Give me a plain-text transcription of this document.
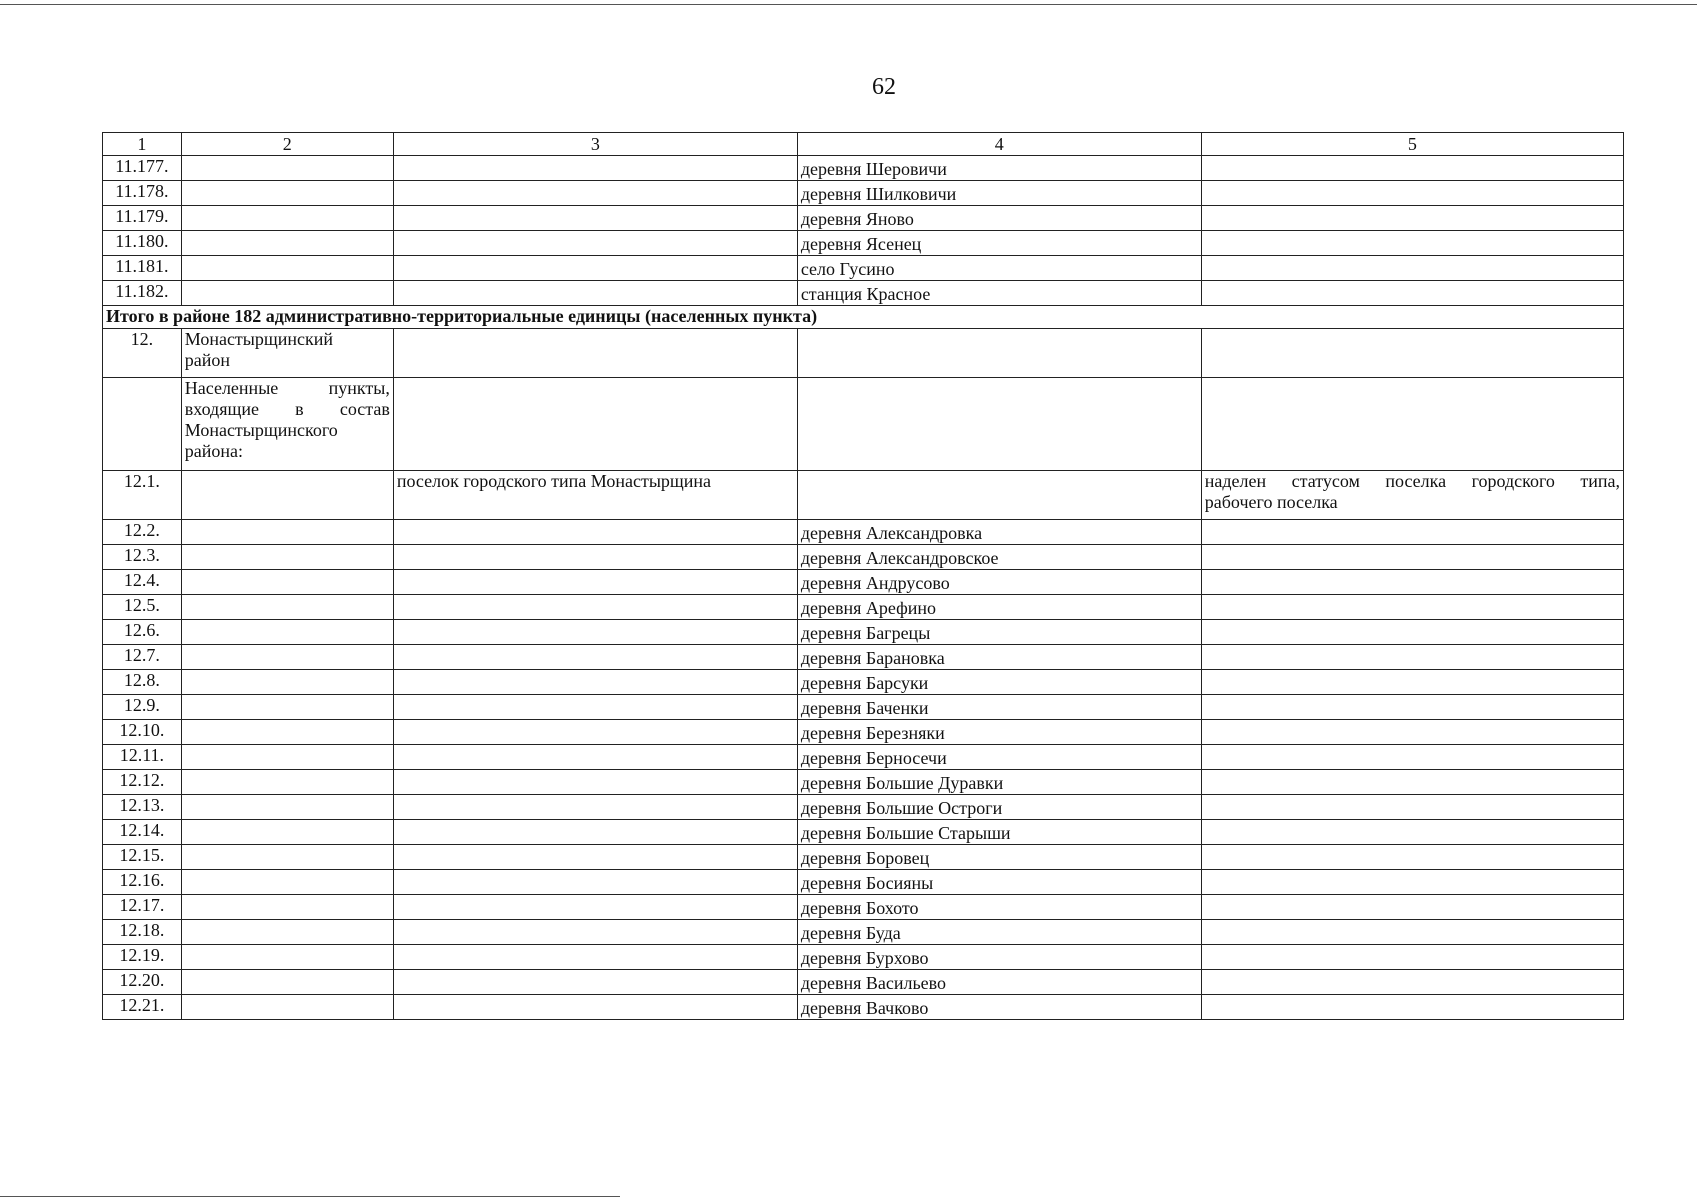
62
1	2	3	4	5
11.177.			деревня Шеровичи	
11.178.			деревня Шилковичи	
11.179.			деревня Яново	
11.180.			деревня Ясенец	
11.181.			село Гусино	
11.182.			станция Красное	
Итого в районе 182 административно-территориальные единицы (населенных пункта)				
12.	Монастырщинский
район			

	Населенные пункты,
входящие в состав
Монастырщинского
района:			

12.1.		поселок городского типа Монастырщина		наделен статусом поселка городского типа,
рабочего поселка

12.2.			деревня Александровка	
12.3.			деревня Александровское	
12.4.			деревня Андрусово	
12.5.			деревня Арефино	
12.6.			деревня Багрецы	
12.7.			деревня Барановка	
12.8.			деревня Барсуки	
12.9.			деревня Баченки	
12.10.			деревня Березняки	
12.11.			деревня Берносечи	
12.12.			деревня Большие Дуравки	
12.13.			деревня Большие Остроги	
12.14.			деревня Большие Старыши	
12.15.			деревня Боровец	
12.16.			деревня Босияны	
12.17.			деревня Бохото	
12.18.			деревня Буда	
12.19.			деревня Бурхово	
12.20.			деревня Васильево	
12.21.			деревня Вачково	
